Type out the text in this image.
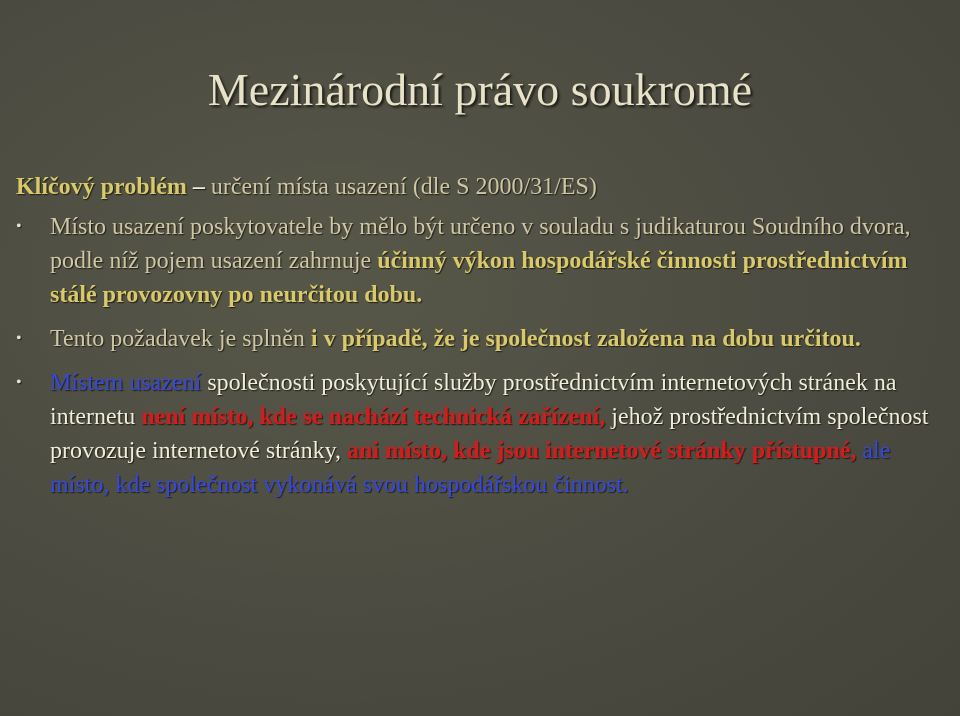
Mezinárodní právo soukromé

Klíčový problém – určení místa usazení (dle S 2000/31/ES)

• Místo usazení poskytovatele by mělo být určeno v souladu s judikaturou Soudního dvora, podle níž pojem usazení zahrnuje účinný výkon hospodářské činnosti prostřednictvím stálé provozovny po neurčitou dobu.
• Tento požadavek je splněn i v případě, že je společnost založena na dobu určitou.
• Místem usazení společnosti poskytující služby prostřednictvím internetových stránek na internetu není místo, kde se nachází technická zařízení, jehož prostřednictvím společnost provozuje internetové stránky, ani místo, kde jsou internetové stránky přístupné, ale místo, kde společnost vykonává svou hospodářskou činnost.
